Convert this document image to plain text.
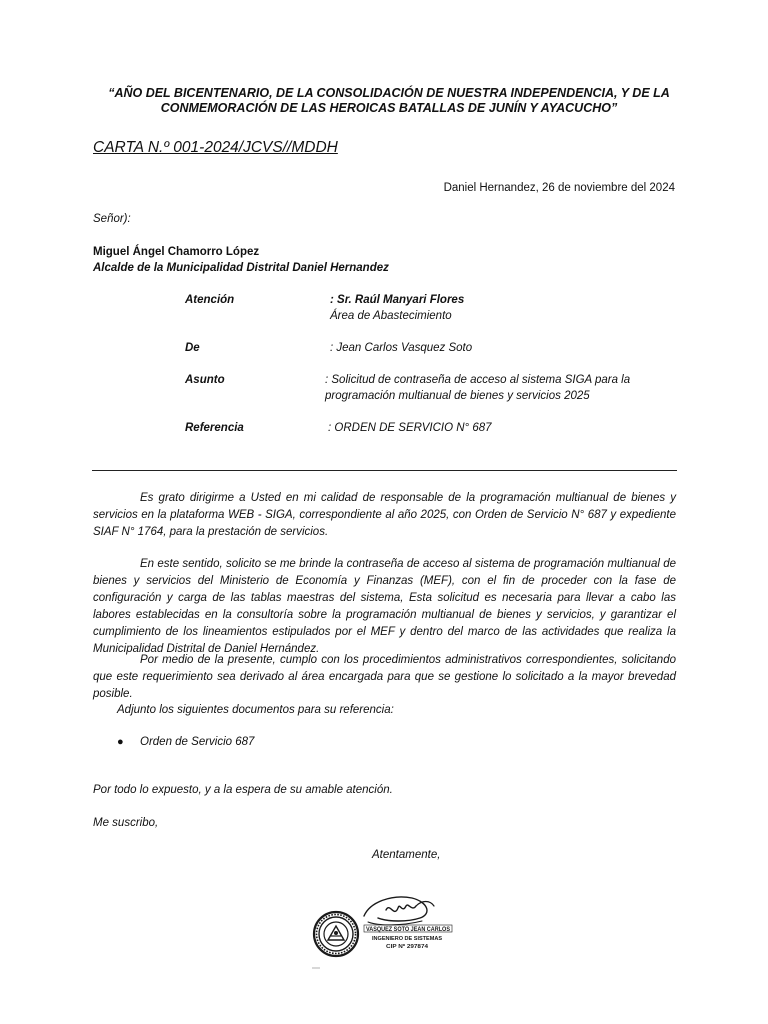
“AÑO DEL BICENTENARIO, DE LA CONSOLIDACIÓN DE NUESTRA INDEPENDENCIA, Y DE LA
CONMEMORACIÓN DE LAS HEROICAS BATALLAS DE JUNÍN Y AYACUCHO”
CARTA N.º 001-2024/JCVS//MDDH
Daniel Hernandez, 26 de noviembre del 2024
Señor):
Miguel Ángel Chamorro López
Alcalde de la Municipalidad Distrital Daniel Hernandez
Atención	: Sr. Raúl Manyari Flores
Área de Abastecimiento
De	: Jean Carlos Vasquez Soto
Asunto	: Solicitud de contraseña de acceso al sistema SIGA para la
programación multianual de bienes y servicios 2025
Referencia	: ORDEN DE SERVICIO N° 687
Es grato dirigirme a Usted en mi calidad de responsable de la programación multianual de bienes y servicios en la plataforma WEB - SIGA, correspondiente al año 2025, con Orden de Servicio N° 687 y expediente SIAF N° 1764, para la prestación de servicios.
En este sentido, solicito se me brinde la contraseña de acceso al sistema de programación multianual de bienes y servicios del Ministerio de Economía y Finanzas (MEF), con el fin de proceder con la fase de configuración y carga de las tablas maestras del sistema, Esta solicitud es necesaria para llevar a cabo las labores establecidas en la consultoría sobre la programación multianual de bienes y servicios, y garantizar el cumplimiento de los lineamientos estipulados por el MEF y dentro del marco de las actividades que realiza la Municipalidad Distrital de Daniel Hernández.
Por medio de la presente, cumplo con los procedimientos administrativos correspondientes, solicitando que este requerimiento sea derivado al área encargada para que se gestione lo solicitado a la mayor brevedad posible.
Adjunto los siguientes documentos para su referencia:
● Orden de Servicio 687
Por todo lo expuesto, y a la espera de su amable atención.
Me suscribo,
Atentamente,
VASQUEZ SOTO JEAN CARLOS
INGENIERO DE SISTEMAS
CIP Nº 297874
